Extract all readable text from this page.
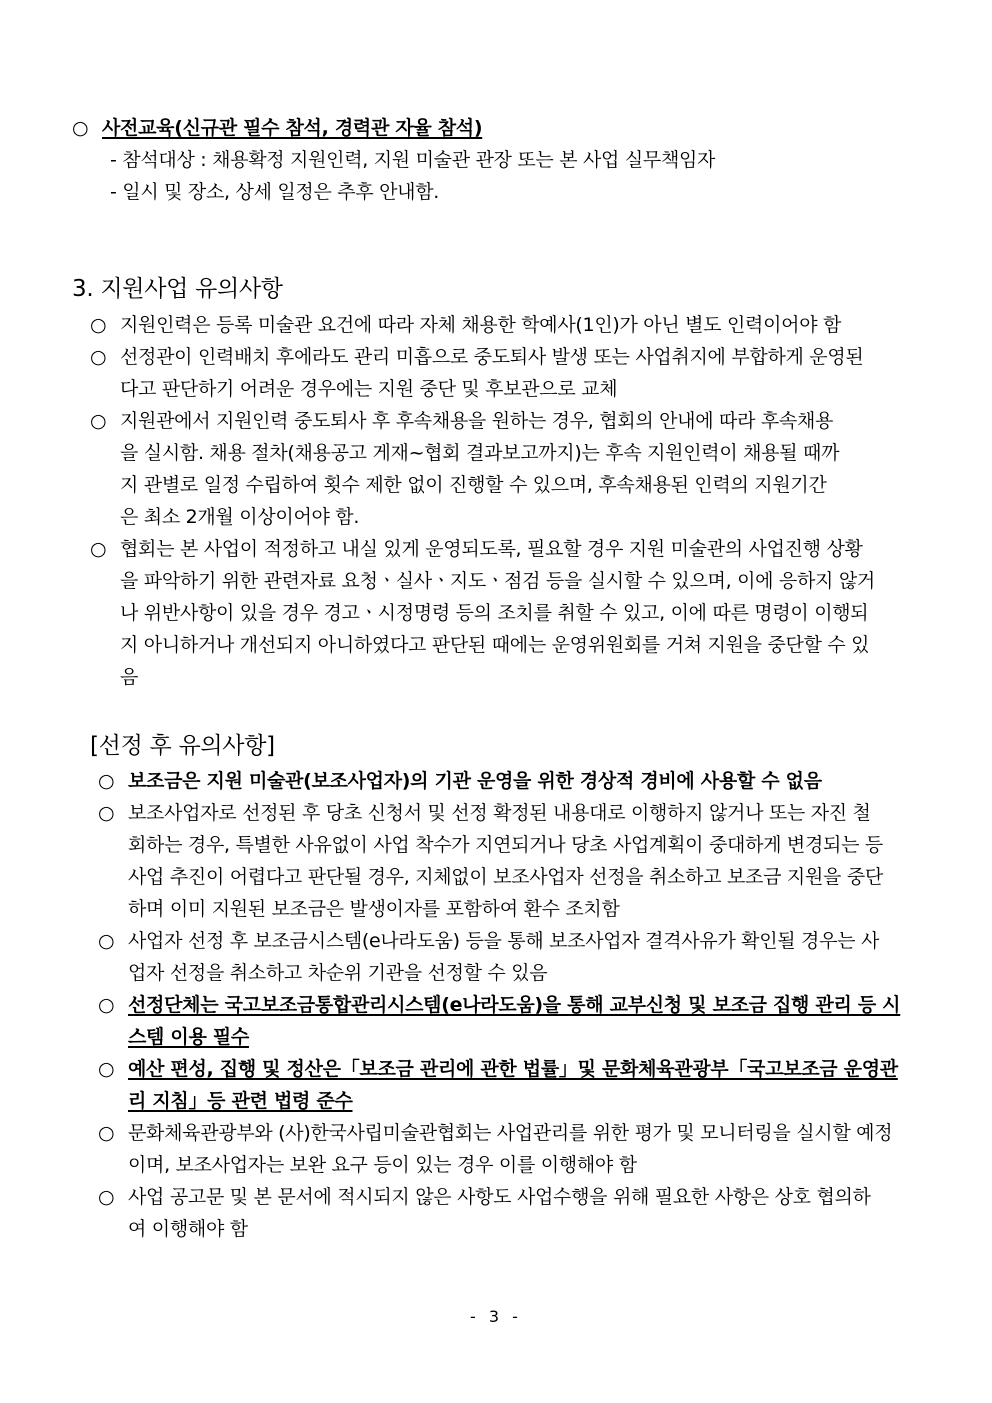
○ 사전교육(신규관 필수 참석, 경력관 자율 참석)
- 참석대상 : 채용확정 지원인력, 지원 미술관 관장 또는 본 사업 실무책임자
- 일시 및 장소, 상세 일정은 추후 안내함.
3. 지원사업 유의사항
○ 지원인력은 등록 미술관 요건에 따라 자체 채용한 학예사(1인)가 아닌 별도 인력이어야 함
○ 선정관이 인력배치 후에라도 관리 미흡으로 중도퇴사 발생 또는 사업취지에 부합하게 운영된
다고 판단하기 어려운 경우에는 지원 중단 및 후보관으로 교체
○ 지원관에서 지원인력 중도퇴사 후 후속채용을 원하는 경우, 협회의 안내에 따라 후속채용
을 실시함. 채용 절차(채용공고 게재~협회 결과보고까지)는 후속 지원인력이 채용될 때까
지 관별로 일정 수립하여 횟수 제한 없이 진행할 수 있으며, 후속채용된 인력의 지원기간
은 최소 2개월 이상이어야 함.
○ 협회는 본 사업이 적정하고 내실 있게 운영되도록, 필요할 경우 지원 미술관의 사업진행 상황
을 파악하기 위한 관련자료 요청ㆍ실사ㆍ지도ㆍ점검 등을 실시할 수 있으며, 이에 응하지 않거
나 위반사항이 있을 경우 경고ㆍ시정명령 등의 조치를 취할 수 있고, 이에 따른 명령이 이행되
지 아니하거나 개선되지 아니하였다고 판단된 때에는 운영위원회를 거쳐 지원을 중단할 수 있
음
[선정 후 유의사항]
○ 보조금은 지원 미술관(보조사업자)의 기관 운영을 위한 경상적 경비에 사용할 수 없음
○ 보조사업자로 선정된 후 당초 신청서 및 선정 확정된 내용대로 이행하지 않거나 또는 자진 철
회하는 경우, 특별한 사유없이 사업 착수가 지연되거나 당초 사업계획이 중대하게 변경되는 등
사업 추진이 어렵다고 판단될 경우, 지체없이 보조사업자 선정을 취소하고 보조금 지원을 중단
하며 이미 지원된 보조금은 발생이자를 포함하여 환수 조치함
○ 사업자 선정 후 보조금시스템(e나라도움) 등을 통해 보조사업자 결격사유가 확인될 경우는 사
업자 선정을 취소하고 차순위 기관을 선정할 수 있음
○ 선정단체는 국고보조금통합관리시스템(e나라도움)을 통해 교부신청 및 보조금 집행 관리 등 시
스템 이용 필수
○ 예산 편성, 집행 및 정산은「보조금 관리에 관한 법률」및 문화체육관광부「국고보조금 운영관
리 지침」등 관련 법령 준수
○ 문화체육관광부와 (사)한국사립미술관협회는 사업관리를 위한 평가 및 모니터링을 실시할 예정
이며, 보조사업자는 보완 요구 등이 있는 경우 이를 이행해야 함
○ 사업 공고문 및 본 문서에 적시되지 않은 사항도 사업수행을 위해 필요한 사항은 상호 협의하
여 이행해야 함
- 3 -
